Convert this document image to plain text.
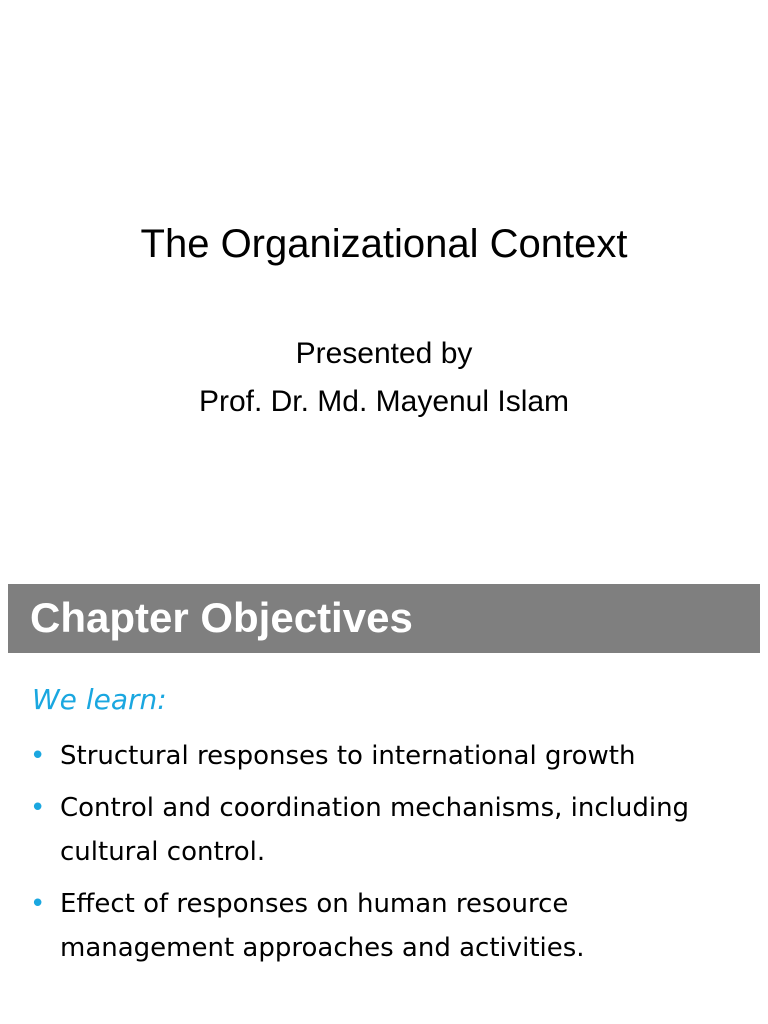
The Organizational Context
Presented by
Prof. Dr. Md. Mayenul Islam
Chapter Objectives
We learn:
• Structural responses to international growth
• Control and coordination mechanisms, including cultural control.
• Effect of responses on human resource management approaches and activities.
